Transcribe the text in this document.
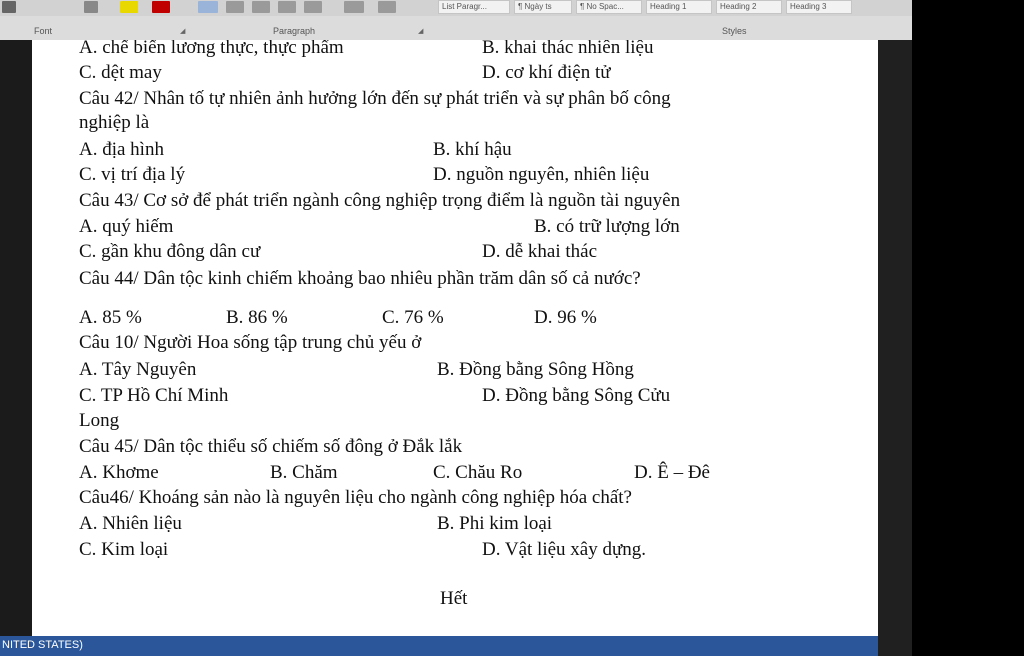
List Paragr...	¶ Ngày ts	¶ No Spac...	Heading 1	Heading 2	Heading 3
Font	◢	Paragraph	◢	Styles
A. chế biến lương thực, thực phẩm	B. khai thác nhiên liệu
C. dệt may	D. cơ khí điện tử
Câu 42/ Nhân tố tự nhiên ảnh hưởng lớn đến sự phát triển và sự phân bố công
nghiệp là
A. địa hình	B. khí hậu
C. vị trí địa lý	D. nguồn nguyên, nhiên liệu
Câu 43/ Cơ sở để phát triển ngành công nghiệp trọng điểm là nguồn tài nguyên
A. quý hiếm	B. có trữ lượng lớn
C. gần khu đông dân cư	D. dễ khai thác
Câu 44/ Dân tộc kinh chiếm khoảng bao nhiêu phần trăm dân số cả nước?
A. 85 %	B. 86 %	C. 76 %	D. 96 %
Câu 10/ Người Hoa sống tập trung chủ yếu ở
A. Tây Nguyên	B. Đồng bằng Sông Hồng
C. TP Hồ Chí Minh	D. Đồng bằng Sông Cửu
Long
Câu 45/ Dân tộc thiểu số chiếm số đông ở Đắk lắk
A. Khơme	B. Chăm	C. Chău Ro	D. Ê – Đê
Câu46/ Khoáng sản nào là nguyên liệu cho ngành công nghiệp hóa chất?
A. Nhiên liệu	B. Phi kim loại
C. Kim loại	D. Vật liệu xây dựng.
Hết
NITED STATES)
